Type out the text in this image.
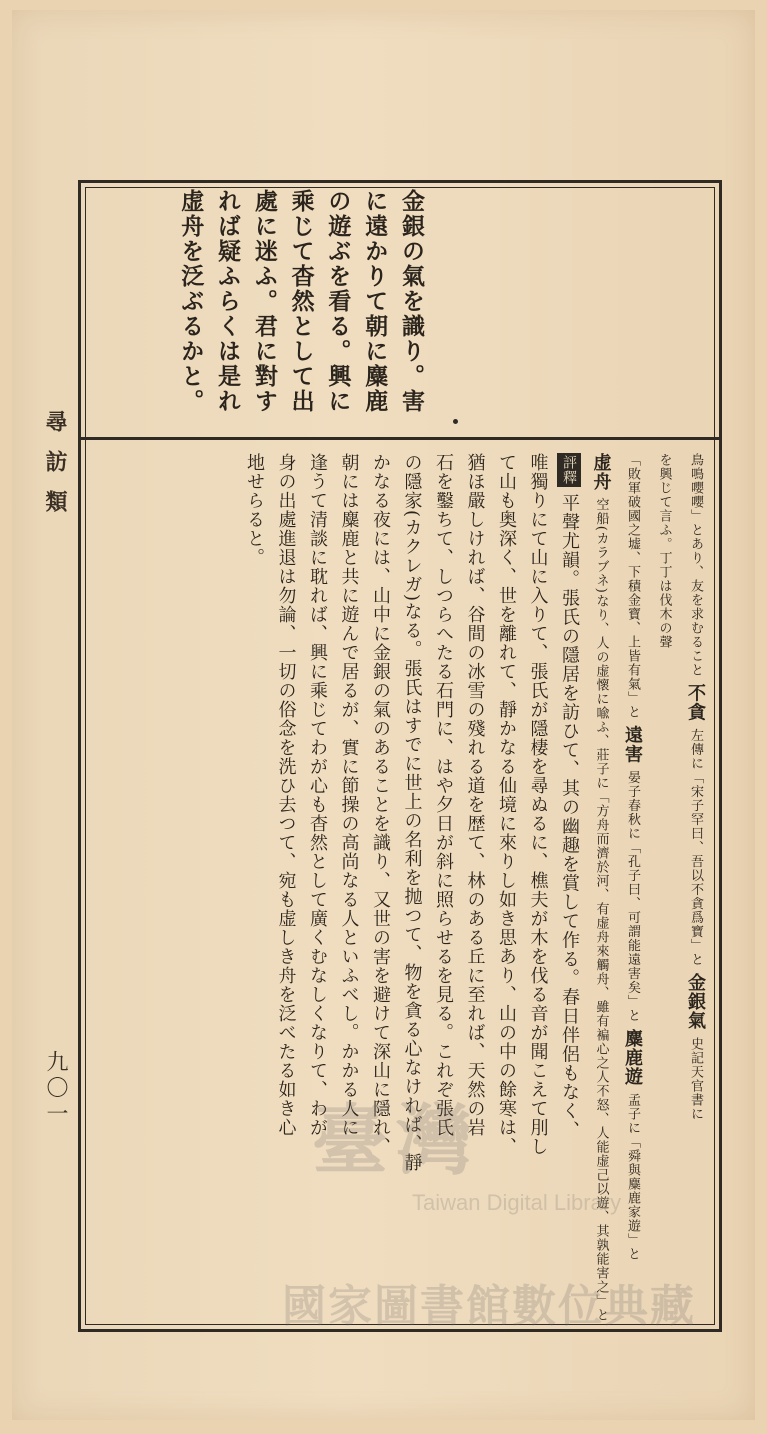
尋訪類
九〇一
金銀の氣を識り。害
に遠かりて朝に麋鹿
の遊ぶを看る。興に
乘じて杳然として出
處に迷ふ。君に對す
れば疑ふらくは是れ
虚舟を泛ぶるかと。
鳥鳴嚶嚶」とあり、友を求むること 不貪 左傳に「宋子罕曰、吾以不貪爲寶」と 金銀氣 史記天官書に
を興じて言ふ。丁丁は伐木の聲
「敗軍破國之墟、下積金寶、上皆有氣」と 遠害 晏子春秋に「孔子曰、可謂能遠害矣」と 麋鹿遊 孟子に「舜與麋鹿家遊」と
虚舟 空船(カラブネ)なり、人の虚懷に喩ふ、莊子に「方舟而濟於河、有虚舟來觸舟、雖有褊心之人不怒、人能虚己以遊、其孰能害之」と
評釋 平聲尤韻。張氏の隱居を訪ひて、其の幽趣を賞して作る。春日伴侶もなく、
唯獨りにて山に入りて、張氏が隱棲を尋ぬるに、樵夫が木を伐る音が聞こえて刖し
て山も奥深く、世を離れて、靜かなる仙境に來りし如き思あり、山の中の餘寒は、
猶ほ嚴しければ、谷間の冰雪の殘れる道を歴て、林のある丘に至れば、天然の岩
石を鑿ちて、しつらへたる石門に、はや夕日が斜に照らせるを見る。これぞ張氏
の隱家(カクレガ)なる。張氏はすでに世上の名利を抛つて、物を貪る心なければ、靜
かなる夜には、山中に金銀の氣のあることを識り、又世の害を避けて深山に隱れ、
朝には麋鹿と共に遊んで居るが、實に節操の高尚なる人といふべし。かかる人に
逢うて清談に耽れば、興に乘じてわが心も杳然として廣くむなしくなりて、わが
身の出處進退は勿論、一切の俗念を洗ひ去つて、宛も虚しき舟を泛べたる如き心
地せらると。
臺灣
Taiwan Digital Library
國家圖書館數位典藏
